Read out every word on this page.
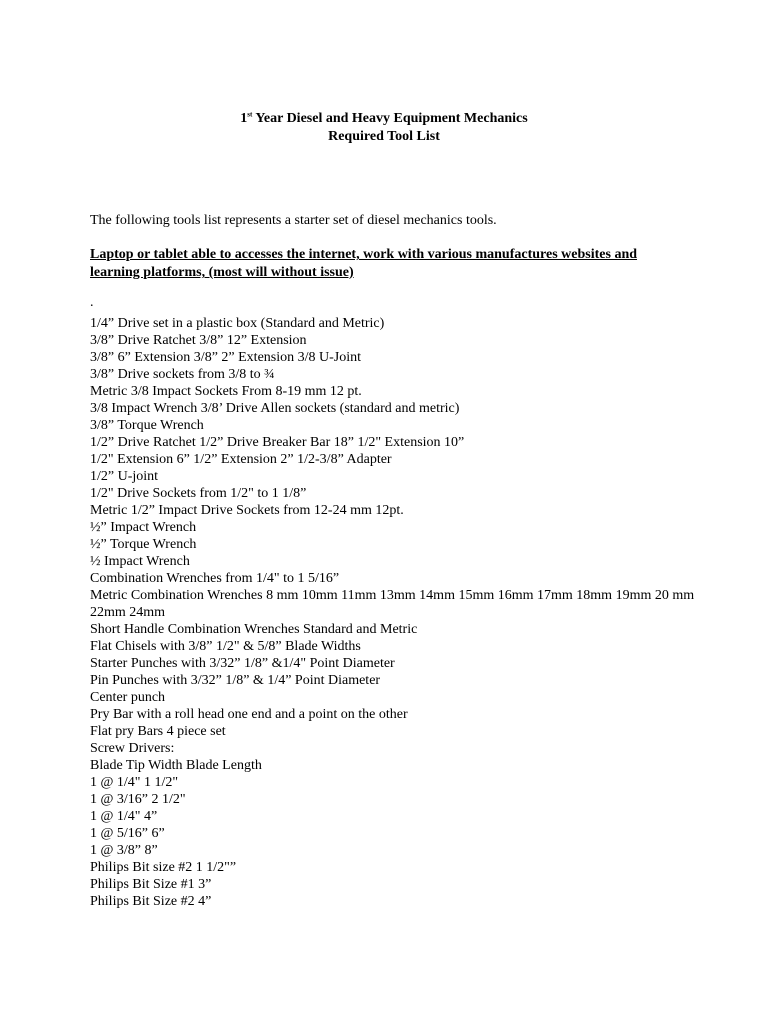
1st Year Diesel and Heavy Equipment Mechanics
Required Tool List
The following tools list represents a starter set of diesel mechanics tools.
Laptop or tablet able to accesses the internet, work with various manufactures websites and learning platforms, (most will without issue)
.
1/4” Drive set in a plastic box (Standard and Metric)
3/8” Drive Ratchet 3/8” 12” Extension
3/8” 6” Extension 3/8” 2” Extension 3/8 U-Joint
3/8” Drive sockets from 3/8 to ¾
Metric 3/8 Impact Sockets From 8-19 mm 12 pt.
3/8 Impact Wrench 3/8’ Drive Allen sockets (standard and metric)
3/8” Torque Wrench
1/2” Drive Ratchet 1/2” Drive Breaker Bar 18” 1/2" Extension 10”
1/2" Extension 6” 1/2” Extension 2” 1/2-3/8” Adapter
1/2” U-joint
1/2" Drive Sockets from 1/2" to 1 1/8”
Metric 1/2” Impact Drive Sockets from 12-24 mm 12pt.
½” Impact Wrench
½” Torque Wrench
½ Impact Wrench
Combination Wrenches from 1/4" to 1 5/16”
Metric Combination Wrenches 8 mm 10mm 11mm 13mm 14mm 15mm 16mm 17mm 18mm 19mm 20 mm 22mm 24mm
Short Handle Combination Wrenches Standard and Metric
Flat Chisels with 3/8” 1/2" & 5/8” Blade Widths
Starter Punches with 3/32” 1/8” &1/4" Point Diameter
Pin Punches with 3/32” 1/8” & 1/4” Point Diameter
Center punch
Pry Bar with a roll head one end and a point on the other
Flat pry Bars 4 piece set
Screw Drivers:
Blade Tip Width Blade Length
1 @ 1/4" 1 1/2"
1 @ 3/16” 2 1/2"
1 @ 1/4" 4”
1 @ 5/16” 6”
1 @ 3/8” 8”
Philips Bit size #2 1 1/2"”
Philips Bit Size #1 3”
Philips Bit Size #2 4”
